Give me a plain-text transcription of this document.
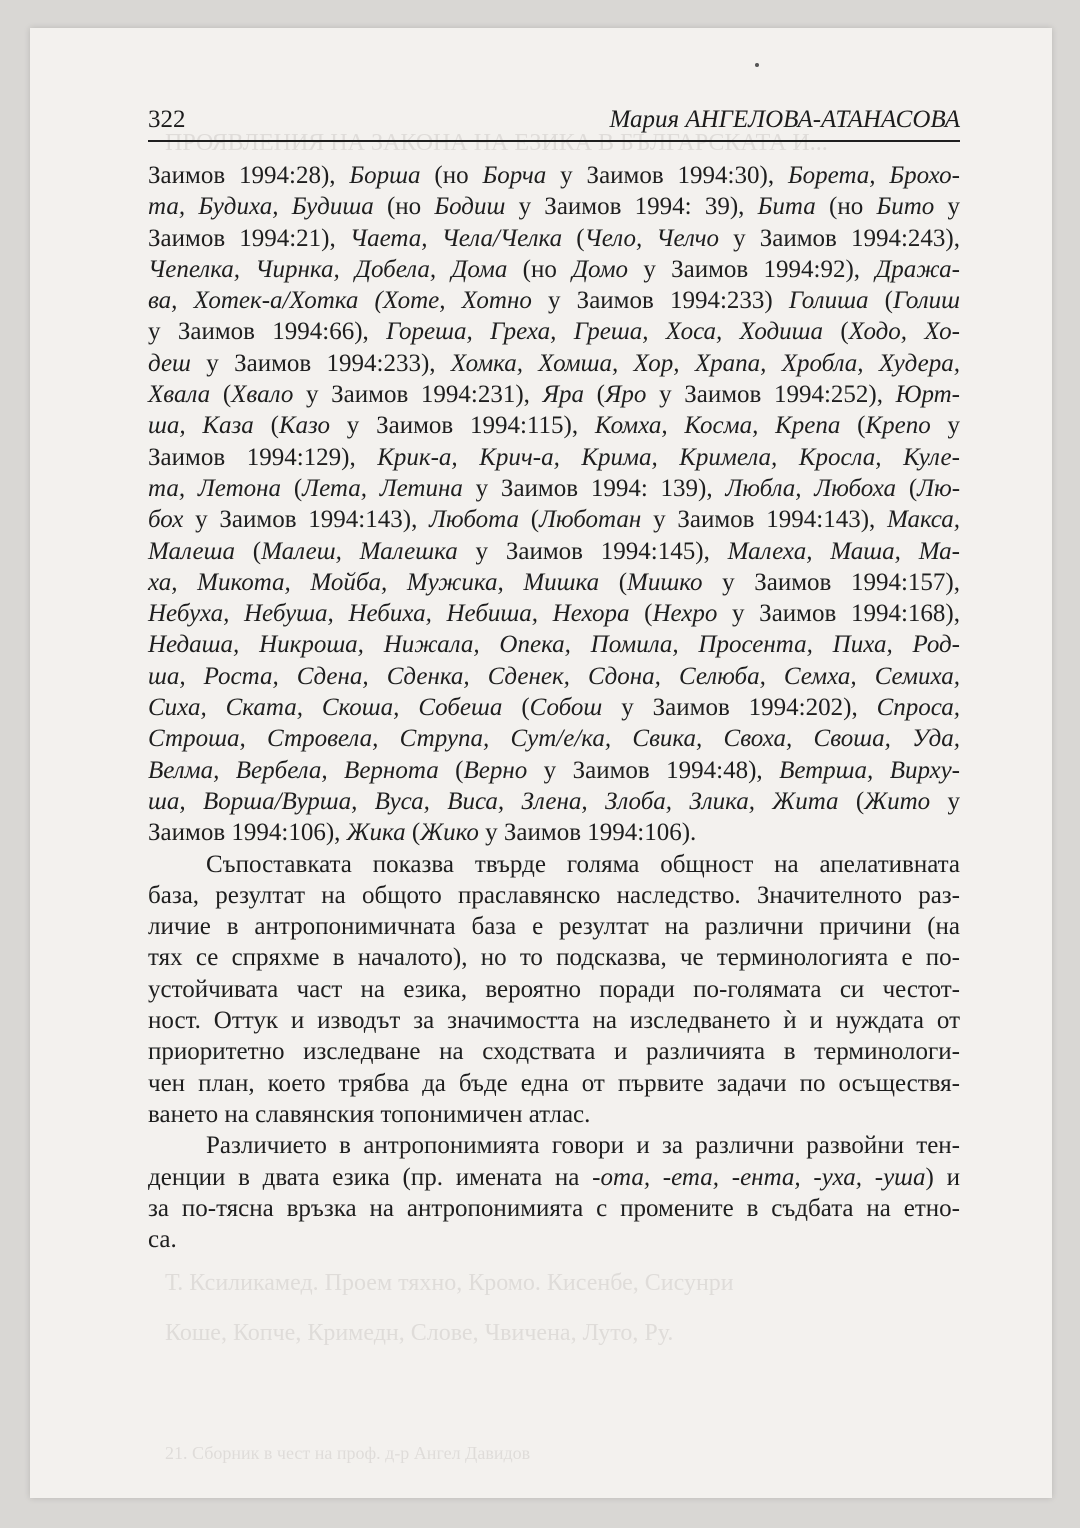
ПРОЯВЛЕНИЯ НА ЗАКОНА НА ЕЗИКА В БЪЛГАРСКАТА И...
Т. Ксиликамед. Проем тяхно, Кромо. Кисенбе, Сисунри
Коше, Копче, Кримедн, Слове, Чвичена, Луто, Ру.
21. Сборник в чест на проф. д-р Ангел Давидов
322	Мария АНГЕЛОВА-АТАНАСОВА
Заимов 1994:28), Борша (но Борча у Заимов 1994:30), Борета, Брохо-
та, Будиха, Будиша (но Бодиш у Заимов 1994: 39), Бита (но Бито у
Заимов 1994:21), Чаета, Чела/Челка (Чело, Челчо у Заимов 1994:243),
Чепелка, Чирнка, Добела, Дома (но Домо у Заимов 1994:92), Дража-
ва, Хотек-а/Хотка (Хоте, Хотно у Заимов 1994:233) Голиша (Голиш
у Заимов 1994:66), Гореша, Греха, Греша, Хоса, Ходиша (Ходо, Хо-
деш у Заимов 1994:233), Хомка, Хомша, Хор, Храпа, Хробла, Худера,
Хвала (Хвало у Заимов 1994:231), Яра (Яро у Заимов 1994:252), Юрт-
ша, Каза (Казо у Заимов 1994:115), Комха, Косма, Крепа (Крепо у
Заимов 1994:129), Крик-а, Крич-а, Крима, Кримела, Кросла, Куле-
та, Летона (Лета, Летина у Заимов 1994: 139), Любла, Любоха (Лю-
бох у Заимов 1994:143), Любота (Люботан у Заимов 1994:143), Макса,
Малеша (Малеш, Малешка у Заимов 1994:145), Малеха, Маша, Ма-
ха, Микота, Мойба, Мужика, Мишка (Мишко у Заимов 1994:157),
Небуха, Небуша, Небиха, Небиша, Нехора (Нехро у Заимов 1994:168),
Недаша, Никроша, Нижала, Опека, Помила, Просента, Пиха, Род-
ша, Роста, Сдена, Сденка, Сденек, Сдона, Селюба, Семха, Семиха,
Сиха, Ската, Скоша, Собеша (Собош у Заимов 1994:202), Спроса,
Строша, Стровела, Струпа, Сут/е/ка, Свика, Своха, Своша, Уда,
Велма, Вербела, Вернота (Верно у Заимов 1994:48), Ветрша, Вирху-
ша, Ворша/Вурша, Вуса, Виса, Злена, Злоба, Злика, Жита (Жито у
Заимов 1994:106), Жика (Жико у Заимов 1994:106).
Съпоставката показва твърде голяма общност на апелативната
база, резултат на общото праславянско наследство. Значителното раз-
личие в антропонимичната база е резултат на различни причини (на
тях се спряхме в началото), но то подсказва, че терминологията е по-
устойчивата част на езика, вероятно поради по-голямата си честот-
ност. Оттук и изводът за значимостта на изследването ѝ и нуждата от
приоритетно изследване на сходствата и различията в терминологи-
чен план, което трябва да бъде една от първите задачи по осъществя-
ването на славянския топонимичен атлас.
Различието в антропонимията говори и за различни развойни тен-
денции в двата езика (пр. имената на -ота, -ета, -ента, -уха, -уша) и
за по-тясна връзка на антропонимията с промените в съдбата на етно-
са.
